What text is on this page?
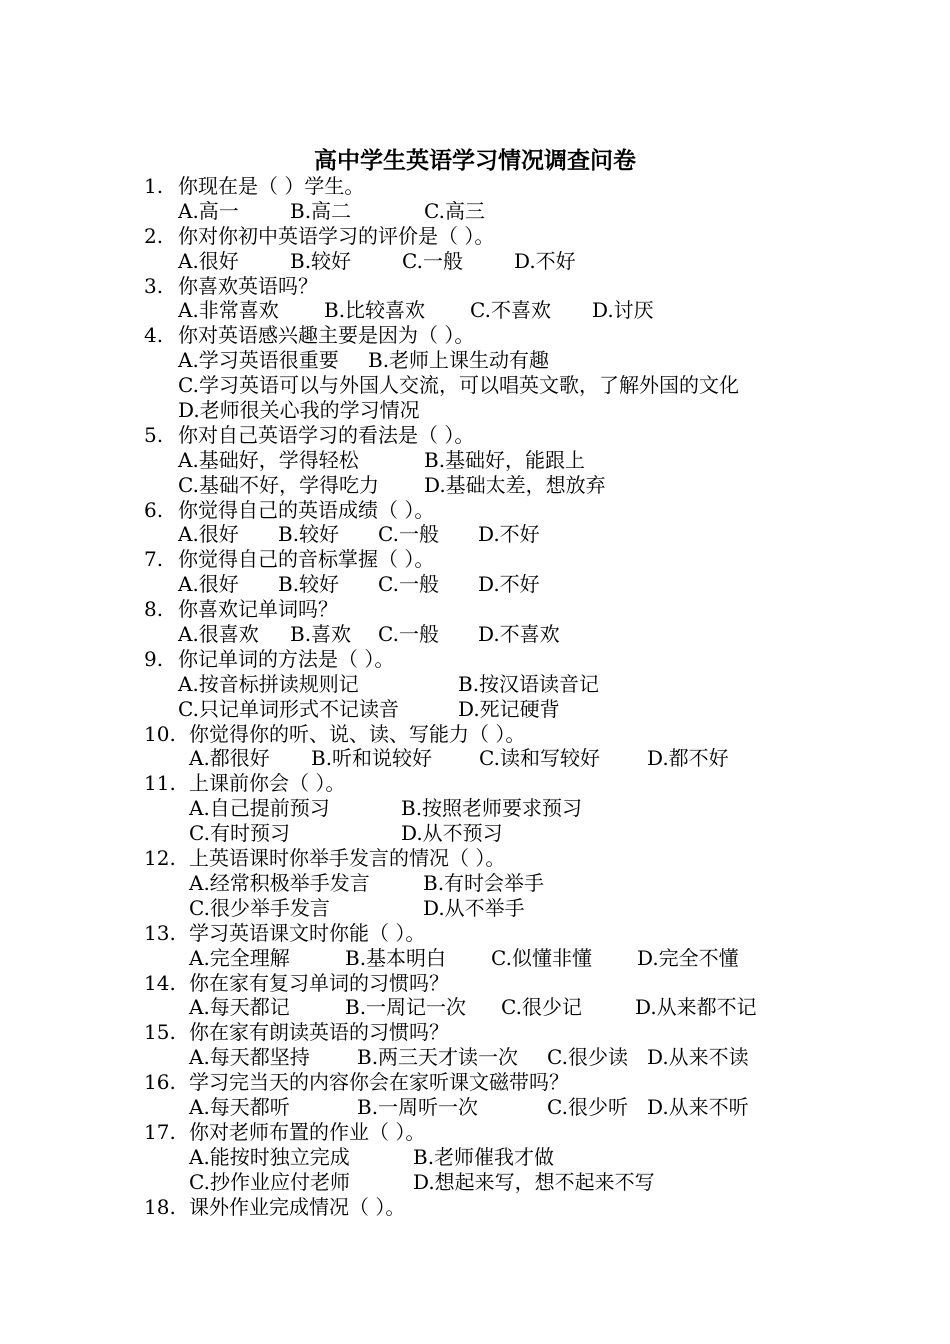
高中学生英语学习情况调查问卷
1. 你现在是（ ）学生。
A.高一	B.高二	C.高三
2. 你对你初中英语学习的评价是（ ）。
A.很好	B.较好	C.一般	D.不好
3. 你喜欢英语吗？
A.非常喜欢	B.比较喜欢	C.不喜欢	D.讨厌
4. 你对英语感兴趣主要是因为（ ）。
A.学习英语很重要	B.老师上课生动有趣
C.学习英语可以与外国人交流，可以唱英文歌，了解外国的文化
D.老师很关心我的学习情况
5. 你对自己英语学习的看法是（ ）。
A.基础好，学得轻松	B.基础好，能跟上
C.基础不好，学得吃力	D.基础太差，想放弃
6. 你觉得自己的英语成绩（ ）。
A.很好	B.较好	C.一般	D.不好
7. 你觉得自己的音标掌握（ ）。
A.很好	B.较好	C.一般	D.不好
8. 你喜欢记单词吗？
A.很喜欢	B.喜欢	C.一般	D.不喜欢
9. 你记单词的方法是（ ）。
A.按音标拼读规则记	B.按汉语读音记
C.只记单词形式不记读音	D.死记硬背
10. 你觉得你的听、说、读、写能力（ ）。
A.都很好	B.听和说较好	C.读和写较好	D.都不好
11. 上课前你会（ ）。
A.自己提前预习	B.按照老师要求预习
C.有时预习	D.从不预习
12. 上英语课时你举手发言的情况（ ）。
A.经常积极举手发言	B.有时会举手
C.很少举手发言	D.从不举手
13. 学习英语课文时你能（ ）。
A.完全理解	B.基本明白	C.似懂非懂	D.完全不懂
14. 你在家有复习单词的习惯吗？
A.每天都记	B.一周记一次	C.很少记	D.从来都不记
15. 你在家有朗读英语的习惯吗？
A.每天都坚持	B.两三天才读一次	C.很少读 D.从来不读
16. 学习完当天的内容你会在家听课文磁带吗？
A.每天都听	B.一周听一次	C.很少听 D.从来不听
17. 你对老师布置的作业（ ）。
A.能按时独立完成	B.老师催我才做
C.抄作业应付老师	D.想起来写，想不起来不写
18. 课外作业完成情况（ ）。
